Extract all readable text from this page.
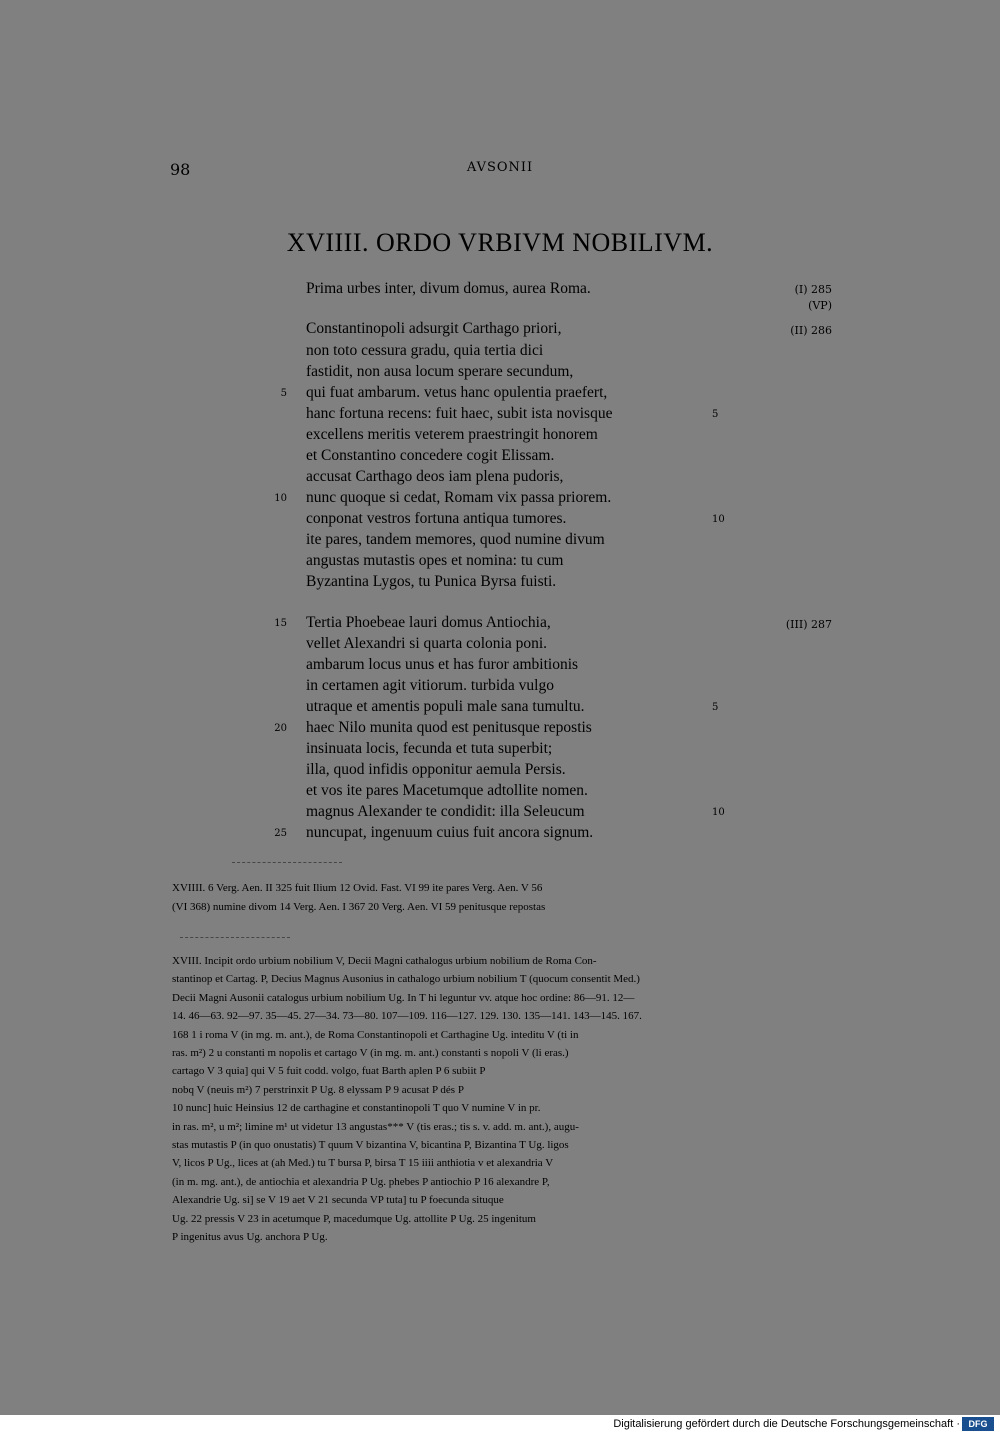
98	AVSONII
XVIIII. ORDO VRBIVM NOBILIVM.
Prima urbes inter, divum domus, aurea Roma.
Constantinopoli adsurgit Carthago priori,
non toto cessura gradu, quia tertia dici
fastidit, non ausa locum sperare secundum,
qui fuat ambarum. vetus hanc opulentia praefert,
hanc fortuna recens: fuit haec, subit ista novisque
excellens meritis veterem praestringit honorem
et Constantino concedere cogit Elissam.
accusat Carthago deos iam plena pudoris,
nunc quoque si cedat, Romam vix passa priorem.
conponat vestros fortuna antiqua tumores.
ite pares, tandem memores, quod numine divum
angustas mutastis opes et nomina: tu cum
Byzantina Lygos, tu Punica Byrsa fuisti.
Tertia Phoebeae lauri domus Antiochia,
vellet Alexandri si quarta colonia poni.
ambarum locus unus et has furor ambitionis
in certamen agit vitiorum. turbida vulgo
utraque et amentis populi male sana tumultu.
haec Nilo munita quod est penitusque repostis
insinuata locis, fecunda et tuta superbit;
illa, quod infidis opponitur aemula Persis.
et vos ite pares Macetumque adtollite nomen.
magnus Alexander te condidit: illa Seleucum
nuncupat, ingenuum cuius fuit ancora signum.
5
10
15
20
25
5
10
5
10
(I) 285
(VP)
(II) 286
(III) 287
XVIIII. 6 Verg. Aen. II 325 fuit Ilium 12 Ovid. Fast. VI 99 ite pares Verg. Aen. V 56
(VI 368) numine divom 14 Verg. Aen. I 367 20 Verg. Aen. VI 59 penitusque repostas
XVIII. Incipit ordo urbium nobilium V, Decii Magni cathalogus urbium nobilium de Roma Con-
stantinop et Cartag. P, Decius Magnus Ausonius in cathalogo urbium nobilium T (quocum consentit Med.)
Decii Magni Ausonii catalogus urbium nobilium Ug. In T hi leguntur vv. atque hoc ordine: 86—91. 12—
14. 46—63. 92—97. 35—45. 27—34. 73—80. 107—109. 116—127. 129. 130. 135—141. 143—145. 167.
168 1 i roma V (in mg. m. ant.), de Roma Constantinopoli et Carthagine Ug. inteditu V (ti in
ras. m²) 2 u constanti m nopolis et cartago V (in mg. m. ant.) constanti s nopoli V (li eras.)
cartago V 3 quia] qui V 5 fuit codd. volgo, fuat Barth aplen P 6 subiit P
nobq V (neuis m²) 7 perstrinxit P Ug. 8 elyssam P 9 acusat P dés P
10 nunc] huic Heinsius 12 de carthagine et constantinopoli T quo V numine V in pr.
in ras. m², u m²; limine m¹ ut videtur 13 angustas*** V (tis eras.; tis s. v. add. m. ant.), augu-
stas mutastis P (in quo onustatis) T quum V bizantina V, bicantina P, Bizantina T Ug. ligos
V, licos P Ug., lices at (ah Med.) tu T bursa P, birsa T 15 iiii anthiotia v et alexandria V
(in m. mg. ant.), de antiochia et alexandria P Ug. phebes P antiochio P 16 alexandre P,
Alexandrie Ug. si] se V 19 aet V 21 secunda VP tuta] tu P foecunda situque
Ug. 22 pressis V 23 in acetumque P, macedumque Ug. attollite P Ug. 25 ingenitum
P ingenitus avus Ug. anchora P Ug.
Digitalisierung gefördert durch die Deutsche Forschungsgemeinschaft · DFG
